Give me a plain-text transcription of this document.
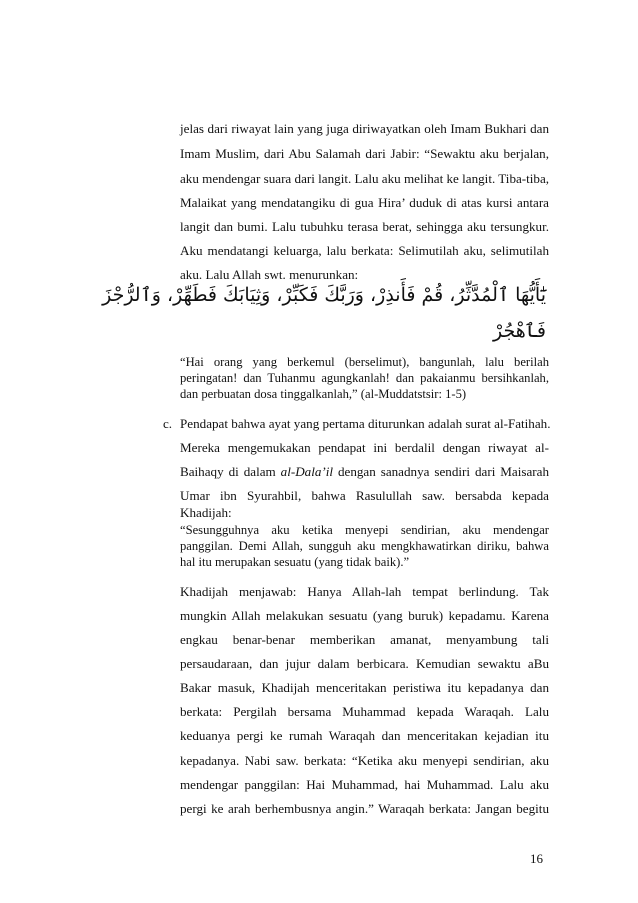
jelas dari riwayat lain yang juga diriwayatkan oleh Imam Bukhari dan
Imam Muslim, dari Abu Salamah dari Jabir: “Sewaktu aku berjalan,
aku mendengar suara dari langit. Lalu aku melihat ke langit. Tiba-tiba,
Malaikat yang mendatangiku di gua Hira’ duduk di atas kursi antara
langit dan bumi. Lalu tubuhku terasa berat, sehingga aku tersungkur.
Aku mendatangi keluarga, lalu berkata: Selimutilah aku, selimutilah
aku. Lalu Allah swt. menurunkan:
يَٰٓأَيُّهَا ٱلْمُدَّثِّرُ، قُمْ فَأَنذِرْ، وَرَبَّكَ فَكَبِّرْ، وَثِيَابَكَ فَطَهِّرْ، وَٱلرُّجْزَ
فَٱهْجُرْ
“Hai orang yang berkemul (berselimut), bangunlah, lalu berilah
peringatan! dan Tuhanmu agungkanlah! dan pakaianmu bersihkanlah,
dan perbuatan dosa tinggalkanlah,” (al-Muddatstsir: 1-5)
c. Pendapat bahwa ayat yang pertama diturunkan adalah surat al-Fatihah.
Mereka mengemukakan pendapat ini berdalil dengan riwayat al-
Baihaqy di dalam al-Dala’il dengan sanadnya sendiri dari Maisarah
Umar ibn Syurahbil, bahwa Rasulullah saw. bersabda kepada
Khadijah:
“Sesungguhnya aku ketika menyepi sendirian, aku mendengar
panggilan. Demi Allah, sungguh aku mengkhawatirkan diriku, bahwa
hal itu merupakan sesuatu (yang tidak baik).”
Khadijah menjawab: Hanya Allah-lah tempat berlindung. Tak
mungkin Allah melakukan sesuatu (yang buruk) kepadamu. Karena
engkau benar-benar memberikan amanat, menyambung tali
persaudaraan, dan jujur dalam berbicara. Kemudian sewaktu aBu
Bakar masuk, Khadijah menceritakan peristiwa itu kepadanya dan
berkata: Pergilah bersama Muhammad kepada Waraqah. Lalu
keduanya pergi ke rumah Waraqah dan menceritakan kejadian itu
kepadanya. Nabi saw. berkata: “Ketika aku menyepi sendirian, aku
mendengar panggilan: Hai Muhammad, hai Muhammad. Lalu aku
pergi ke arah berhembusnya angin.” Waraqah berkata: Jangan begitu
16
